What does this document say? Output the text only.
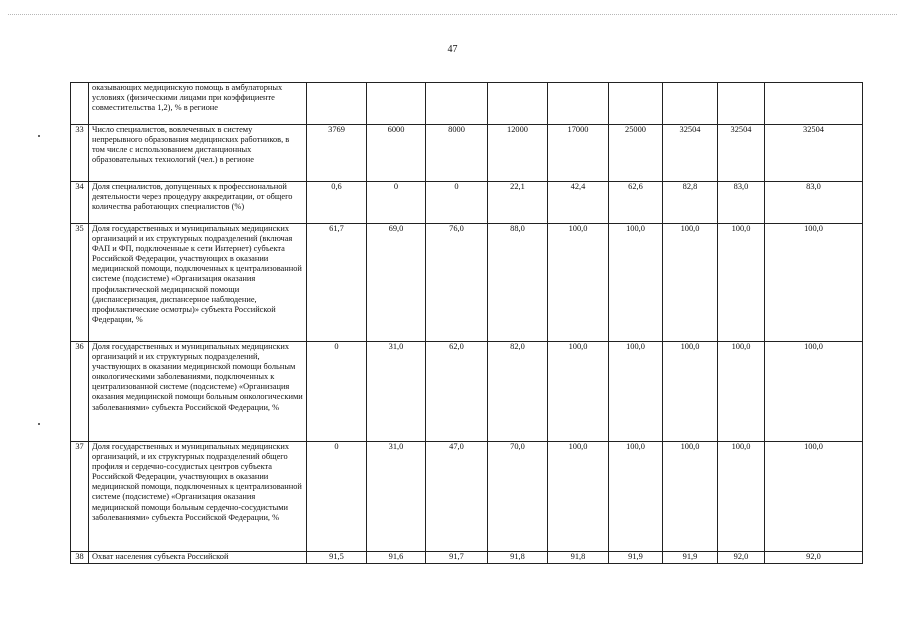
47
	оказывающих медицинскую помощь в амбулаторных условиях (физическими лицами при коэффициенте совместительства 1,2), % в регионе									
33	Число специалистов, вовлеченных в систему непрерывного образования медицинских работников, в том числе с использованием дистанционных образовательных технологий (чел.) в регионе	3769	6000	8000	12000	17000	25000	32504	32504	32504
34	Доля специалистов, допущенных к профессиональной деятельности через процедуру аккредитации, от общего количества работающих специалистов (%)	0,6	0	0	22,1	42,4	62,6	82,8	83,0	83,0
35	Доля государственных и муниципальных медицинских организаций и их структурных подразделений (включая ФАП и ФП, подключенные к сети Интернет) субъекта Российской Федерации, участвующих в оказании медицинской помощи, подключенных к централизованной системе (подсистеме) «Организация оказания профилактической медицинской помощи (диспансеризация, диспансерное наблюдение, профилактические осмотры)» субъекта Российской Федерации, %	61,7	69,0	76,0	88,0	100,0	100,0	100,0	100,0	100,0
36	Доля государственных и муниципальных медицинских организаций и их структурных подразделений, участвующих в оказании медицинской помощи больным онкологическими заболеваниями, подключенных к централизованной системе (подсистеме) «Организация оказания медицинской помощи больным онкологическими заболеваниями» субъекта Российской Федерации, %	0	31,0	62,0	82,0	100,0	100,0	100,0	100,0	100,0
37	Доля государственных и муниципальных медицинских организаций, и их структурных подразделений общего профиля и сердечно-сосудистых центров субъекта Российской Федерации, участвующих в оказании медицинской помощи, подключенных к централизованной системе (подсистеме) «Организация оказания медицинской помощи больным сердечно-сосудистыми заболеваниями» субъекта Российской Федерации, %	0	31,0	47,0	70,0	100,0	100,0	100,0	100,0	100,0
38	Охват населения субъекта Российской	91,5	91,6	91,7	91,8	91,8	91,9	91,9	92,0	92,0
